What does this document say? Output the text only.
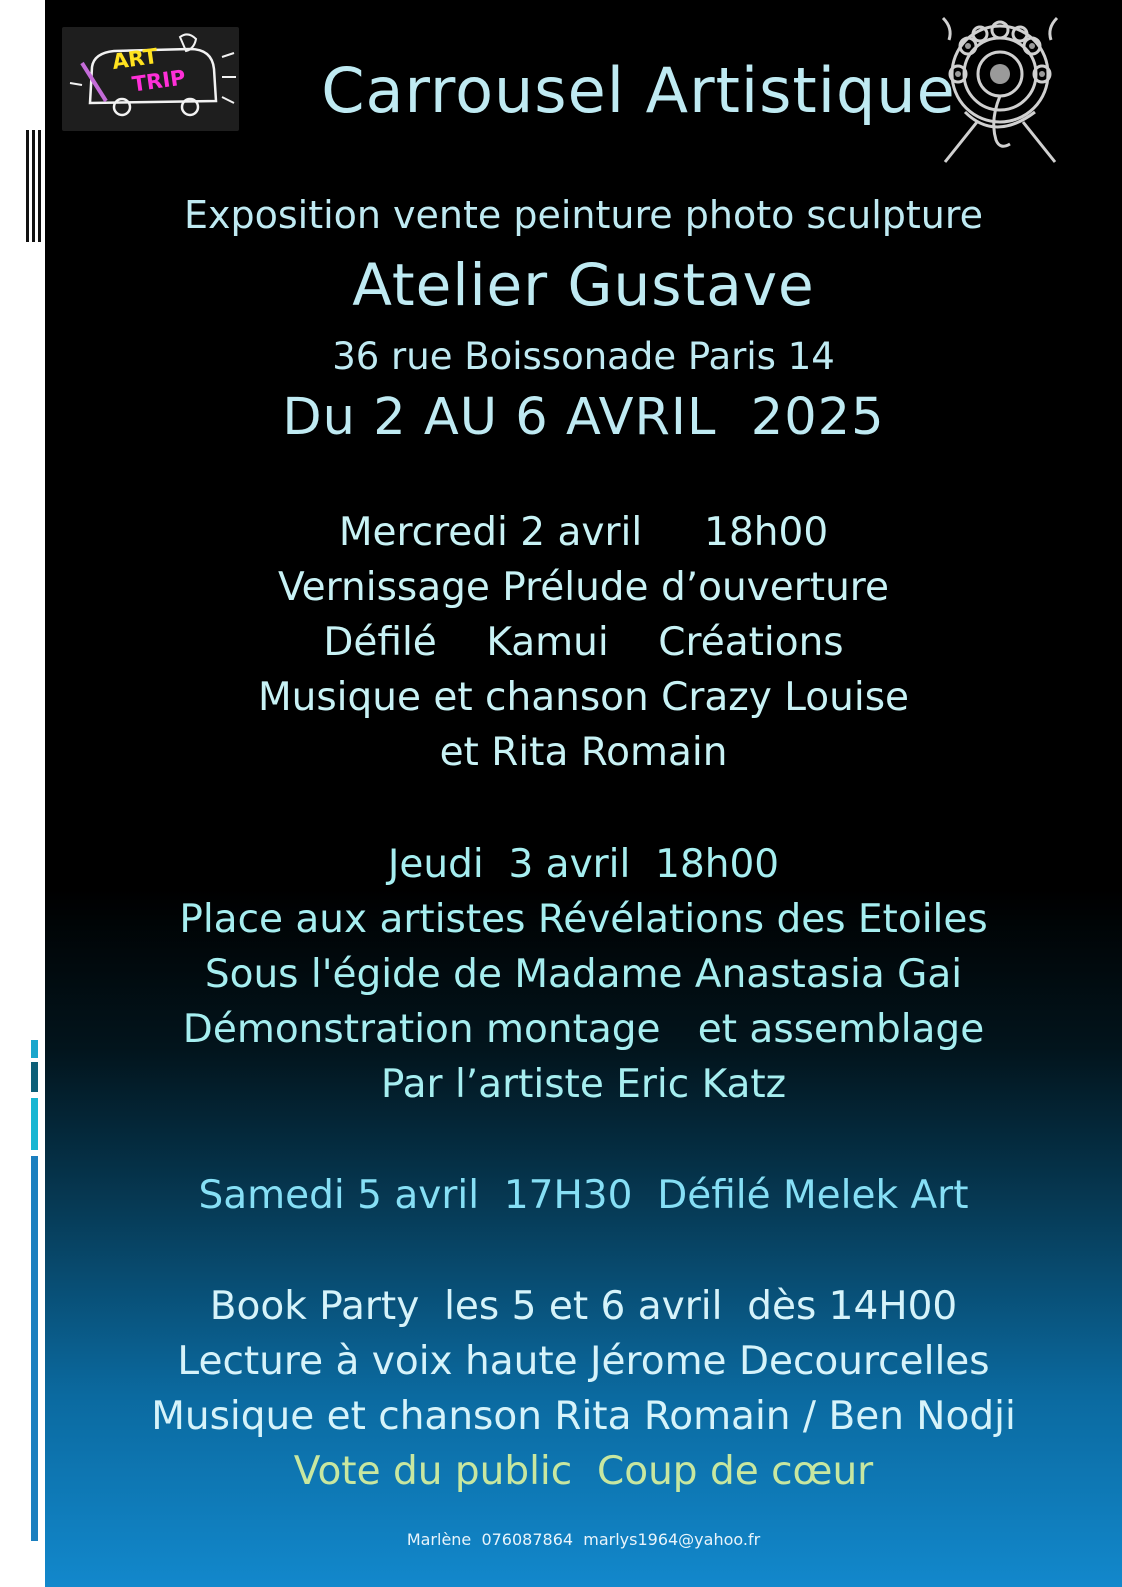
ART
TRIP	Carrousel Artistique
Exposition vente peinture photo sculpture
Atelier Gustave
36 rue Boissonade Paris 14
Du 2 AU 6 AVRIL  2025
Mercredi 2 avril     18h00
Vernissage Prélude d’ouverture
Défilé    Kamui    Créations
Musique et chanson Crazy Louise
et Rita Romain
Jeudi  3 avril  18h00
Place aux artistes Révélations des Etoiles
Sous l'égide de Madame Anastasia Gai
Démonstration montage   et assemblage
Par l’artiste Eric Katz
Samedi 5 avril  17H30  Défilé Melek Art
Book Party  les 5 et 6 avril  dès 14H00
Lecture à voix haute Jérome Decourcelles
Musique et chanson Rita Romain / Ben Nodji
Vote du public  Coup de cœur
Marlène  076087864  marlys1964@yahoo.fr
